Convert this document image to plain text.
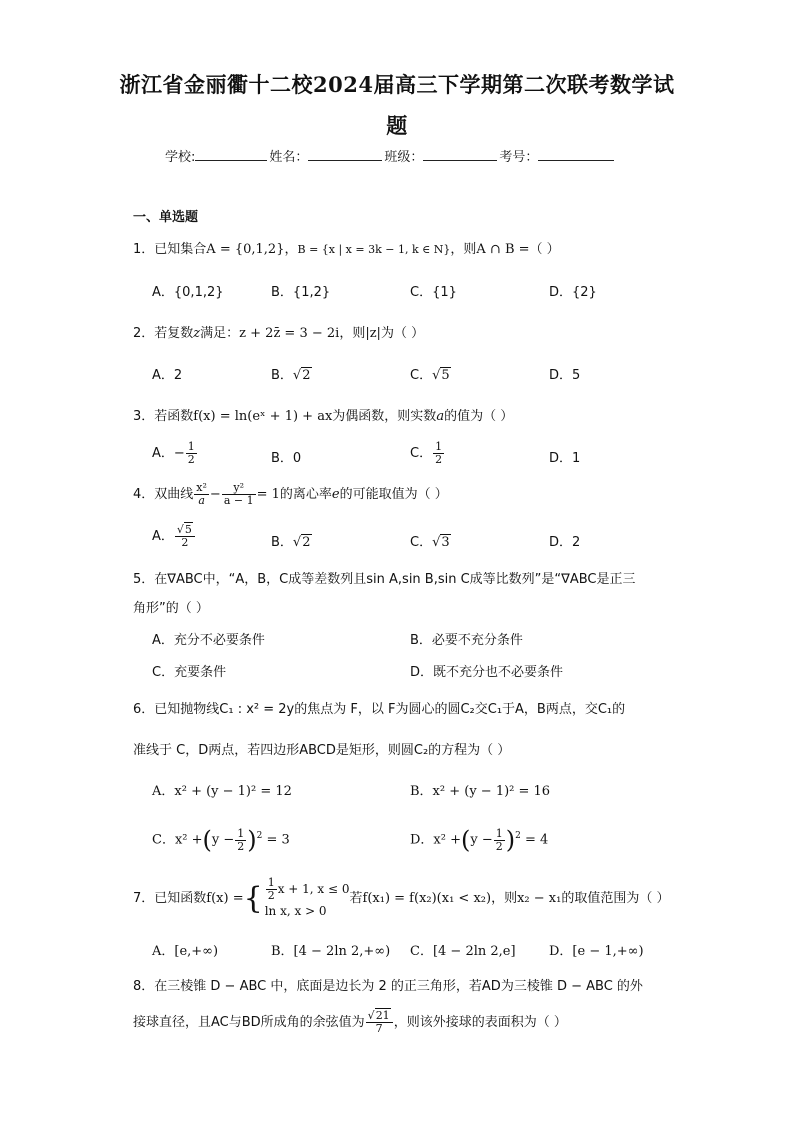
浙江省金丽衢十二校2024届高三下学期第二次联考数学试
题
学校:	姓名：	班级：	考号：
一、单选题
1．已知集合A = {0,1,2}，B = {x | x = 3k − 1, k ∈ N}，则A ∩ B =（ ）
A．{0,1,2}	B．{1,2}	C．{1}	D．{2}
2．若复数z满足：z + 2z̄ = 3 − 2i，则|z|为（ ）
A．2	B．√2	C．√5	D．5
3．若函数f(x) = ln(eˣ + 1) + ax为偶函数，则实数a的值为（ ）
A．− $\frac{1}{2}$	B．0	C． $\frac{1}{2}$	D．1
4．双曲线 $\frac{\text{x²}}{a} - \frac{\text{y²}}{a - 1} = 1$的离心率e的可能取值为（ ）
A． $\frac{√5}{2}$	B．√2	C．√3	D．2
5．在∇ABC中，“A，B，C成等差数列且sin A,sin B,sin C成等比数列”是“∇ABC是正三
角形”的（ ）
A．充分不必要条件	B．必要不充分条件
C．充要条件	D．既不充分也不必要条件
6．已知抛物线C₁ : x² = 2y的焦点为 F，以 F为圆心的圆C₂交C₁于A，B两点，交C₁的
准线于 C，D两点，若四边形ABCD是矩形，则圆C₂的方程为（ ）
A．x² + (y − 1)² = 12	B．x² + (y − 1)² = 16
C．$x^2 +(y - \frac{1}{2} )^2 = 3$	D．$x^2 +(y - \frac{1}{2} )^2 = 4$
7．已知函数f(x) ={ $\frac{1}{2}$ x + 1, x ≤ 0
ln x, x > 0
若f(x₁) = f(x₂)(x₁ < x₂)，则x₂ − x₁的取值范围为（ ）
A．[e,+∞)	B．[4 − 2ln 2,+∞) C．[4 − 2ln 2,e]	D．[e − 1,+∞)
8．在三棱锥 D − ABC 中，底面是边长为 2 的正三角形，若AD为三棱锥 D − ABC 的外
接球直径，且AC与BD所成角的余弦值为 $\frac{√21}{7}$ ，则该外接球的表面积为（ ）
